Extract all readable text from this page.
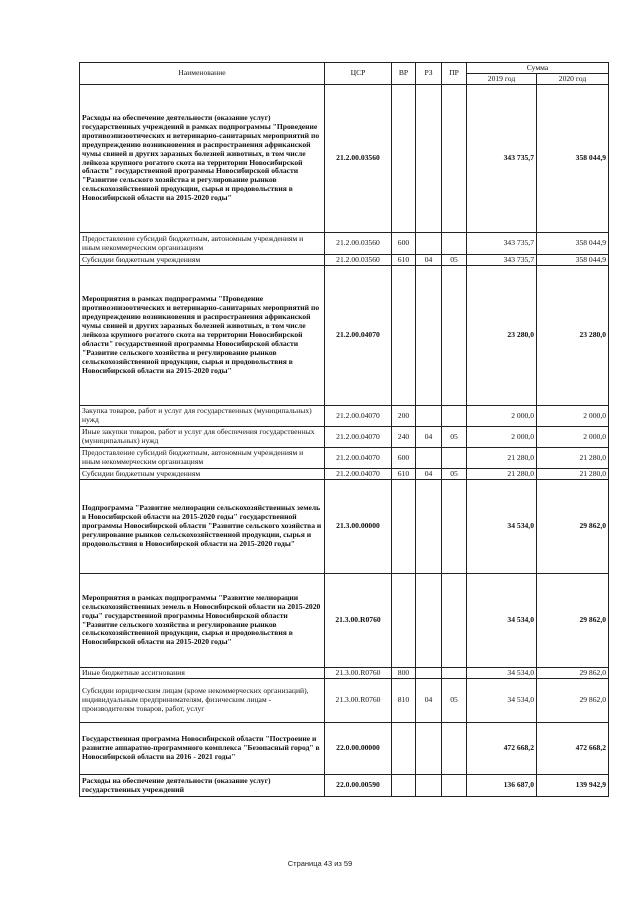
Наименование	ЦСР	ВР	РЗ	ПР	Сумма	
					2019 год	2020 год
Расходы на обеспечение деятельности (оказание услуг) государственных учреждений в рамках подпрограммы "Проведение противоэпизоотических и ветеринарно-санитарных мероприятий по предупреждению возникновения и распространения африканской чумы свиней и других заразных болезней животных, в том числе лейкоза крупного рогатого скота на территории Новосибирской области" государственной программы Новосибирской области "Развитие сельского хозяйства и регулирование рынков сельскохозяйственной продукции, сырья и продовольствия в Новосибирской области на 2015-2020 годы"	21.2.00.03560				343 735,7	358 044,9
Предоставление субсидий бюджетным, автономным учреждениям и иным некоммерческим организациям	21.2.00.03560	600			343 735,7	358 044,9
Субсидии бюджетным учреждениям	21.2.00.03560	610	04	05	343 735,7	358 044,9
Мероприятия в рамках подпрограммы "Проведение противоэпизоотических и ветеринарно-санитарных мероприятий по предупреждению возникновения и распространения африканской чумы свиней и других заразных болезней животных, в том числе лейкоза крупного рогатого скота на территории Новосибирской области" государственной программы Новосибирской области "Развитие сельского хозяйства и регулирование рынков сельскохозяйственной продукции, сырья и продовольствия в Новосибирской области на 2015-2020 годы"	21.2.00.04070				23 280,0	23 280,0
Закупка товаров, работ и услуг для государственных (муниципальных) нужд	21.2.00.04070	200			2 000,0	2 000,0
Иные закупки товаров, работ и услуг для обеспечения государственных (муниципальных) нужд	21.2.00.04070	240	04	05	2 000,0	2 000,0
Предоставление субсидий бюджетным, автономным учреждениям и иным некоммерческим организациям	21.2.00.04070	600			21 280,0	21 280,0
Субсидии бюджетным учреждениям	21.2.00.04070	610	04	05	21 280,0	21 280,0
Подпрограмма "Развитие мелиорации сельскохозяйственных земель в Новосибирской области на 2015-2020 годы" государственной программы Новосибирской области "Развитие сельского хозяйства и регулирование рынков сельскохозяйственной продукции, сырья и продовольствия в Новосибирской области на 2015-2020 годы"	21.3.00.00000				34 534,0	29 862,0
Мероприятия в рамках подпрограммы "Развитие мелиорации сельскохозяйственных земель в Новосибирской области на 2015-2020 годы" государственной программы Новосибирской области "Развитие сельского хозяйства и регулирование рынков сельскохозяйственной продукции, сырья и продовольствия в Новосибирской области на 2015-2020 годы"	21.3.00.R0760				34 534,0	29 862,0
Иные бюджетные ассигнования	21.3.00.R0760	800			34 534,0	29 862,0
Субсидии юридическим лицам (кроме некоммерческих организаций), индивидуальным предпринимателям, физическим лицам - производителям товаров, работ, услуг	21.3.00.R0760	810	04	05	34 534,0	29 862,0
Государственная программа Новосибирской области "Построение и развитие аппаратно-программного комплекса "Безопасный город" в Новосибирской области на 2016 - 2021 годы"	22.0.00.00000				472 668,2	472 668,2
Расходы на обеспечение деятельности (оказание услуг) государственных учреждений	22.0.00.00590				136 687,0	139 942,9
Страница 43 из 59
